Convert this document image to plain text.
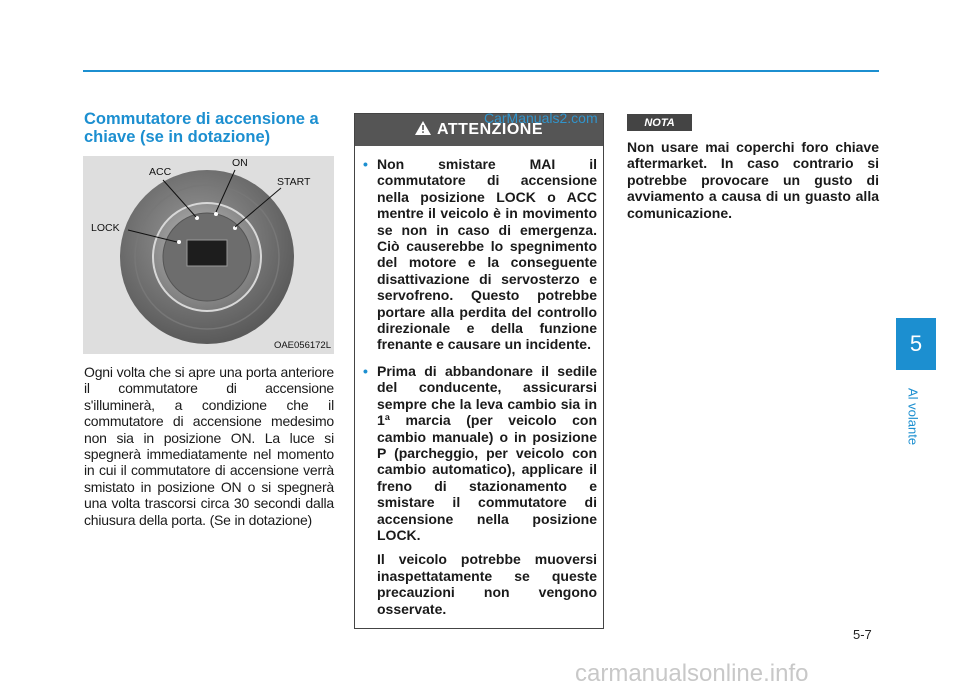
Commutatore di accensione a chiave (se in dotazione)
ACC
ON
START
LOCK
OAE056172L

Ogni volta che si apre una porta anteriore il commutatore di accensione s'illuminerà, a condizione che il commutatore di accensione medesimo non sia in posizione ON. La luce si spegnerà immediatamente nel momento in cui il commutatore di accensione verrà smistato in posizione ON o si spegnerà una volta trascorsi circa 30 secondi dalla chiusura della porta. (Se in dotazione)

ATTENZIONE
• Non smistare MAI il commutatore di accensione nella posizione LOCK o ACC mentre il veicolo è in movimento se non in caso di emergenza. Ciò causerebbe lo spegnimento del motore e la conseguente disattivazione di servosterzo e servofreno. Questo potrebbe portare alla perdita del controllo direzionale e della funzione frenante e causare un incidente.
• Prima di abbandonare il sedile del conducente, assicurarsi sempre che la leva cambio sia in 1ª marcia (per veicolo con cambio manuale) o in posizione P (parcheggio, per veicolo con cambio automatico), applicare il freno di stazionamento e smistare il commutatore di accensione nella posizione LOCK.

Il veicolo potrebbe muoversi inaspettatamente se queste precauzioni non vengono osservate.

CarManuals2.com	NOTA

Non usare mai coperchi foro chiave aftermarket. In caso contrario si potrebbe provocare un gusto di avviamento a causa di un guasto alla comunicazione.

5
Al volante
5-7
carmanualsonline.info
